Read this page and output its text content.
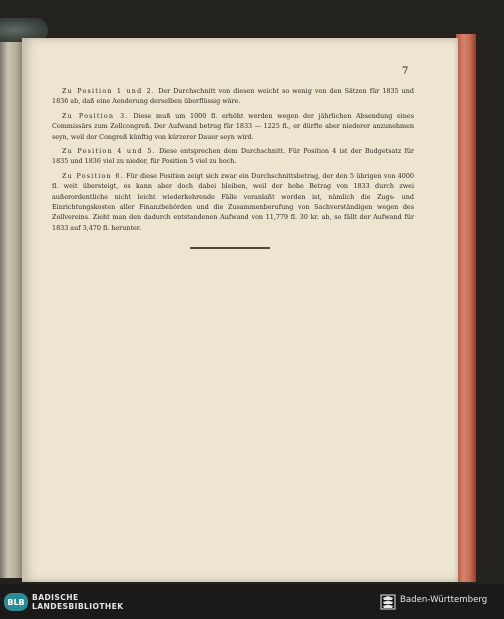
7

Zu Position 1 und 2. Der Durchschnitt von diesen weicht so wenig von den Sätzen für 1835 und 1836 ab, daß eine Aenderung derselben überflüssig wäre.

Zu Position 3. Diese muß um 1000 fl. erhöht werden wegen der jährlichen Absendung eines Commissärs zum Zollcongreß. Der Aufwand betrug für 1833 — 1225 fl., er dürfte aber niederer anzunehmen seyn, weil der Congreß künftig von kürzerer Dauer seyn wird.

Zu Position 4 und 5. Diese entsprechen dem Durchschnitt. Für Position 4 ist der Budgetsatz für 1835 und 1836 viel zu nieder, für Position 5 viel zu hoch.

Zu Position 6. Für diese Position zeigt sich zwar ein Durchschnittsbetrag, der den 5 übrigen von 4000 fl. weit übersteigt, es kann aber doch dabei bleiben, weil der hohe Betrag von 1833 durch zwei außerordentliche nicht leicht wiederkehrende Fälle veranlaßt worden ist, nämlich die Zugs- und Einrichtungskosten aller Finanzbehörden und die Zusammenberufung von Sachverständigen wegen des Zollvereins. Zieht man den dadurch entstandenen Aufwand von 11,779 fl. 30 kr. ab, so fällt der Aufwand für 1833 auf 3,470 fl. herunter.

BLB BADISCHE
LANDESBIBLIOTHEK
Baden-Württemberg
